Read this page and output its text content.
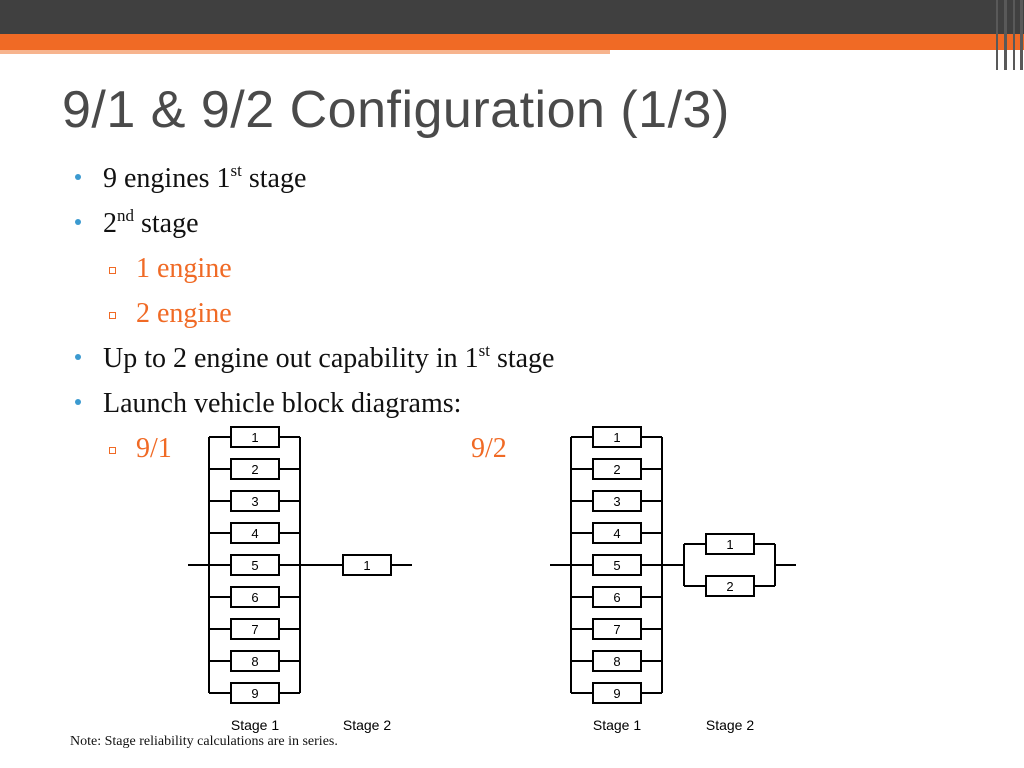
9/1 & 9/2 Configuration (1/3)
9 engines 1st stage
2nd stage
1 engine
2 engine
Up to 2 engine out capability in 1st stage
Launch vehicle block diagrams:
9/1	9/2
1
2
3
4
5
6
7
8
9
1
Stage 1	Stage 2
1
2
3
4
5
6
7
8
9
1
2
Stage 1	Stage 2
Note: Stage reliability calculations are in series.
